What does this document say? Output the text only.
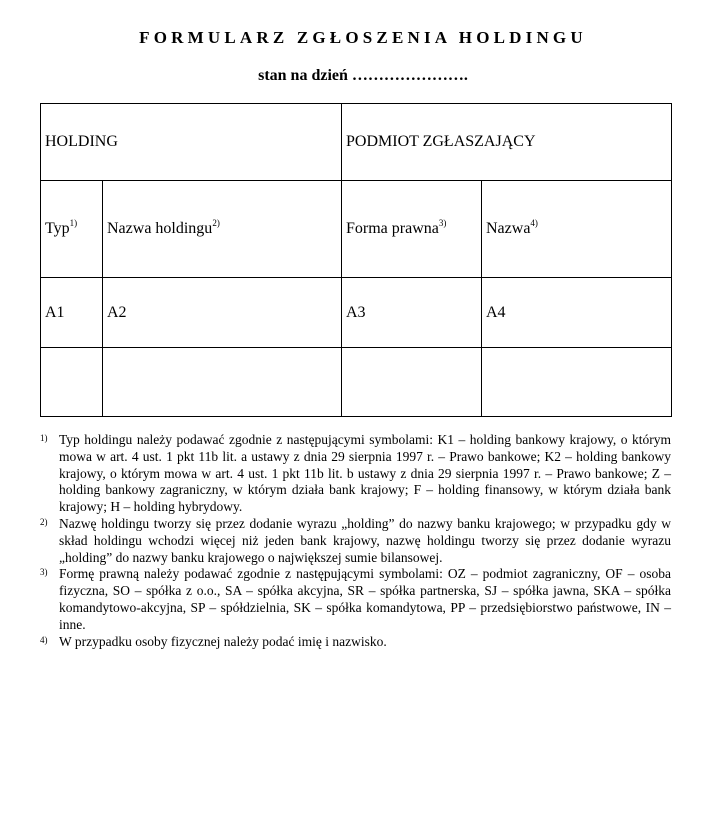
FORMULARZ ZGŁOSZENIA HOLDINGU
stan na dzień ………………….
HOLDING		PODMIOT ZGŁASZAJĄCY	
Typ$^{1)}$	Nazwa holdingu$^{2)}$	Forma prawna$^{3)}$	Nazwa$^{4)}$
A1	A2	A3	A4

1) Typ holdingu należy podawać zgodnie z następującymi symbolami: K1 – holding bankowy krajowy, o którym mowa w art. 4 ust. 1 pkt 11b lit. a ustawy z dnia 29 sierpnia 1997 r. – Prawo bankowe; K2 – holding bankowy krajowy, o którym mowa w art. 4 ust. 1 pkt 11b lit. b ustawy z dnia 29 sierpnia 1997 r. – Prawo bankowe; Z – holding bankowy zagraniczny, w którym działa bank krajowy; F – holding finansowy, w którym działa bank krajowy; H – holding hybrydowy.
2) Nazwę holdingu tworzy się przez dodanie wyrazu „holding” do nazwy banku krajowego; w przypadku gdy w skład holdingu wchodzi więcej niż jeden bank krajowy, nazwę holdingu tworzy się przez dodanie wyrazu „holding” do nazwy banku krajowego o największej sumie bilansowej.
3) Formę prawną należy podawać zgodnie z następującymi symbolami: OZ – podmiot zagraniczny, OF – osoba fizyczna, SO – spółka z o.o., SA – spółka akcyjna, SR – spółka partnerska, SJ – spółka jawna, SKA – spółka komandytowo-akcyjna, SP – spółdzielnia, SK – spółka komandytowa, PP – przedsiębiorstwo państwowe, IN – inne.
4) W przypadku osoby fizycznej należy podać imię i nazwisko.
